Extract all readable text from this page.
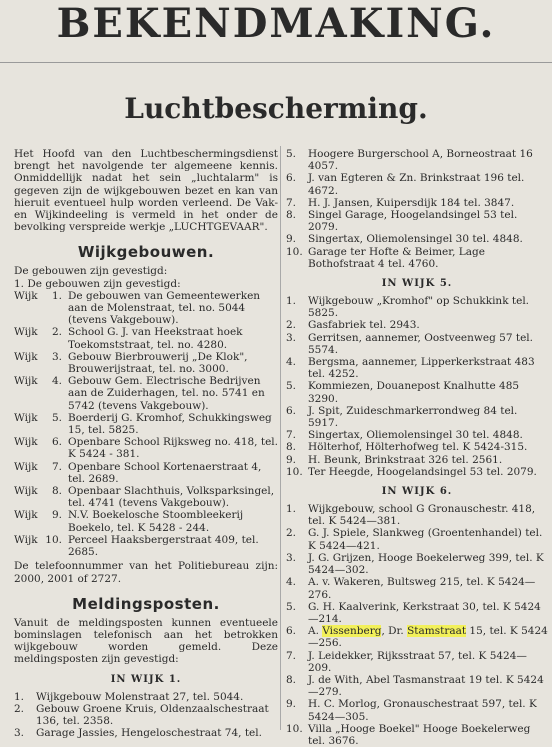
BEKENDMAKING.
Luchtbescherming.

Het Hoofd van den Luchtbeschermingsdienst brengt het navolgende ter algemeene kennis. Onmiddellijk nadat het sein „luchtalarm" is gegeven zijn de wijkgebouwen bezet en kan van hieruit eventueel hulp worden verleend. De Vak- en Wijkindeeling is vermeld in het onder de bevolking verspreide werkje „LUCHTGEVAAR".

Wijkgebouwen.

De gebouwen zijn gevestigd:

1. De gebouwen zijn gevestigd:

Wijk	1. De gebouwen van Gemeentewerken aan de Molenstraat, tel. no. 5044 (tevens Vakgebouw).
Wijk	2. School G. J. van Heekstraat hoek Toekomststraat, tel. no. 4280.
Wijk	3. Gebouw Bierbrouwerij „De Klok", Brouwerijstraat, tel. no. 3000.
Wijk	4. Gebouw Gem. Electrische Bedrijven aan de Zuiderhagen, tel. no. 5741 en 5742 (tevens Vakgebouw).
Wijk	5. Boerderij G. Kromhof, Schukkingsweg 15, tel. 5825.
Wijk	6. Openbare School Rijksweg no. 418, tel. K 5424 - 381.
Wijk	7. Openbare School Kortenaerstraat 4, tel. 2689.
Wijk	8. Openbaar Slachthuis, Volksparksingel, tel. 4741 (tevens Vakgebouw).
Wijk	9. N.V. Boekelosche Stoombleekerij Boekelo, tel. K 5428 - 244.
Wijk 10. Perceel Haaksbergerstraat 409, tel. 2685.

De telefoonnummer van het Politiebureau zijn: 2000, 2001 of 2727.

Meldingsposten.

Vanuit de meldingsposten kunnen eventueele bominslagen telefonisch aan het betrokken wijkgebouw worden gemeld. Deze meldingsposten zijn gevestigd:

IN WIJK 1.
1.	Wijkgebouw Molenstraat 27, tel. 5044.
2.	Gebouw Groene Kruis, Oldenzaalschestraat 136, tel. 2358.
3.	Garage Jassies, Hengeloschestraat 74, tel.
5.	Hoogere Burgerschool A, Borneostraat 16 4057.
6.	J. van Egteren & Zn. Brinkstraat 196 tel. 4672.
7.	H. J. Jansen, Kuipersdijk 184 tel. 3847.
8.	Singel Garage, Hoogelandsingel 53 tel. 2079.
9.	Singertax, Oliemolensingel 30 tel. 4848.
10. Garage ter Hofte & Beimer, Lage Bothofstraat 4 tel. 4760.
IN WIJK 5.
1.	Wijkgebouw „Kromhof" op Schukkink tel. 5825.
2.	Gasfabriek tel. 2943.
3.	Gerritsen, aannemer, Oostveenweg 57 tel. 5574.
4.	Bergsma, aannemer, Lipperkerkstraat 483 tel. 4252.
5.	Kommiezen, Douanepost Knalhutte 485 3290.
6.	J. Spit, Zuideschmarkerrondweg 84 tel. 5917.
7.	Singertax, Oliemolensingel 30 tel. 4848.
8.	Hölterhof, Hölterhofweg tel. K 5424-315.
9.	H. Beunk, Brinkstraat 326 tel. 2561.
10. Ter Heegde, Hoogelandsingel 53 tel. 2079.
IN WIJK 6.
1.	Wijkgebouw, school G Gronauschestr. 418, tel. K 5424—381.
2.	G. J. Spiele, Slankweg (Groentenhandel) tel. K 5424—421.
3.	J. G. Grijzen, Hooge Boekelerweg 399, tel. K 5424—302.
4.	A. v. Wakeren, Bultsweg 215, tel. K 5424—276.
5.	G. H. Kaalverink, Kerkstraat 30, tel. K 5424—214.
6.	A. Vissenberg, Dr. Stamstraat 15, tel. K 5424—256.
7.	J. Leidekker, Rijksstraat 57, tel. K 5424—209.
8.	J. de With, Abel Tasmanstraat 19 tel. K 5424—279.
9.	H. C. Morlog, Gronauschestraat 597, tel. K 5424—305.
10. Villa „Hooge Boekel" Hooge Boekelerweg tel. 3676.
